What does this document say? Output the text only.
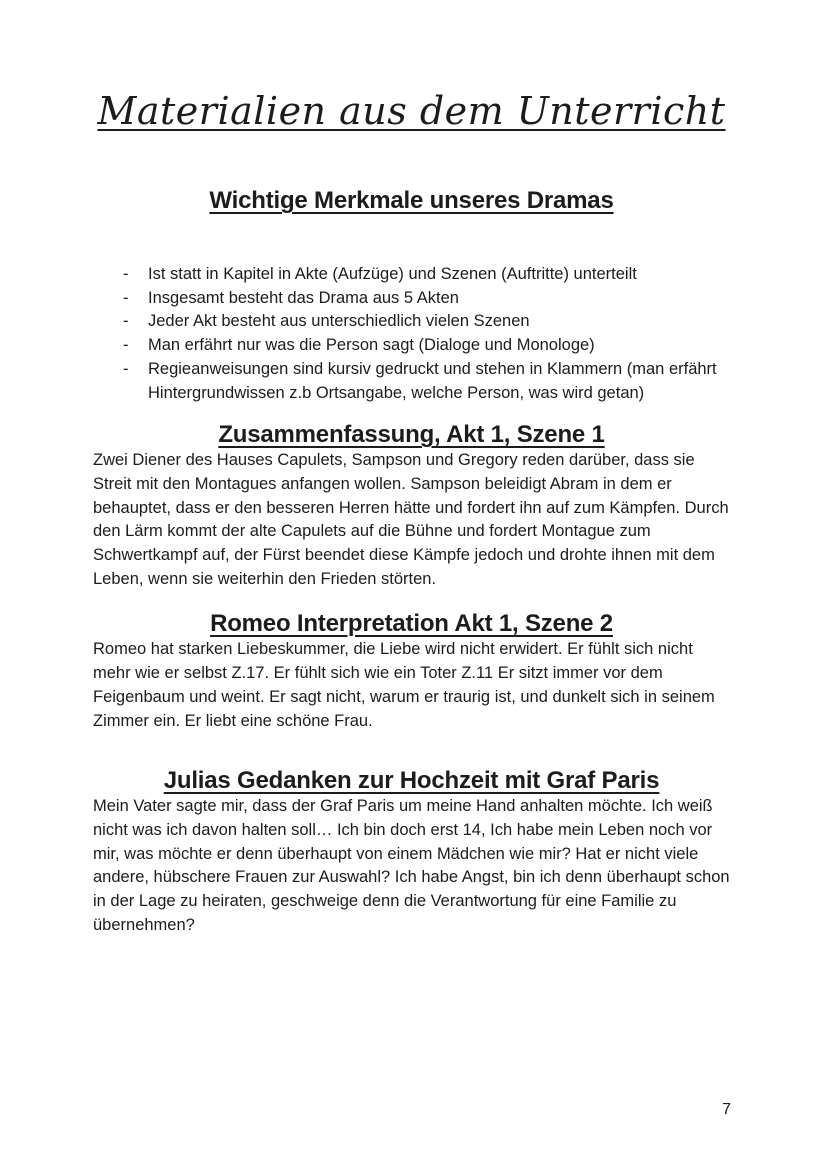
Materialien aus dem Unterricht
Wichtige Merkmale unseres Dramas
-	Ist statt in Kapitel in Akte (Aufzüge) und Szenen (Auftritte) unterteilt
-	Insgesamt besteht das Drama aus 5 Akten
-	Jeder Akt besteht aus unterschiedlich vielen Szenen
-	Man erfährt nur was die Person sagt (Dialoge und Monologe)
-	Regieanweisungen sind kursiv gedruckt und stehen in Klammern (man erfährt Hintergrundwissen z.b Ortsangabe, welche Person, was wird getan)
Zusammenfassung, Akt 1, Szene 1

Zwei Diener des Hauses Capulets, Sampson und Gregory reden darüber, dass sie Streit mit den Montagues anfangen wollen. Sampson beleidigt Abram in dem er behauptet, dass er den besseren Herren hätte und fordert ihn auf zum Kämpfen. Durch den Lärm kommt der alte Capulets auf die Bühne und fordert Montague zum Schwertkampf auf, der Fürst beendet diese Kämpfe jedoch und drohte ihnen mit dem Leben, wenn sie weiterhin den Frieden störten.

Romeo Interpretation Akt 1, Szene 2

Romeo hat starken Liebeskummer, die Liebe wird nicht erwidert. Er fühlt sich nicht mehr wie er selbst Z.17. Er fühlt sich wie ein Toter Z.11 Er sitzt immer vor dem Feigenbaum und weint. Er sagt nicht, warum er traurig ist, und dunkelt sich in seinem Zimmer ein. Er liebt eine schöne Frau.

Julias Gedanken zur Hochzeit mit Graf Paris

Mein Vater sagte mir, dass der Graf Paris um meine Hand anhalten möchte. Ich weiß nicht was ich davon halten soll… Ich bin doch erst 14, Ich habe mein Leben noch vor mir, was möchte er denn überhaupt von einem Mädchen wie mir? Hat er nicht viele andere, hübschere Frauen zur Auswahl? Ich habe Angst, bin ich denn überhaupt schon in der Lage zu heiraten, geschweige denn die Verantwortung für eine Familie zu übernehmen?

7
